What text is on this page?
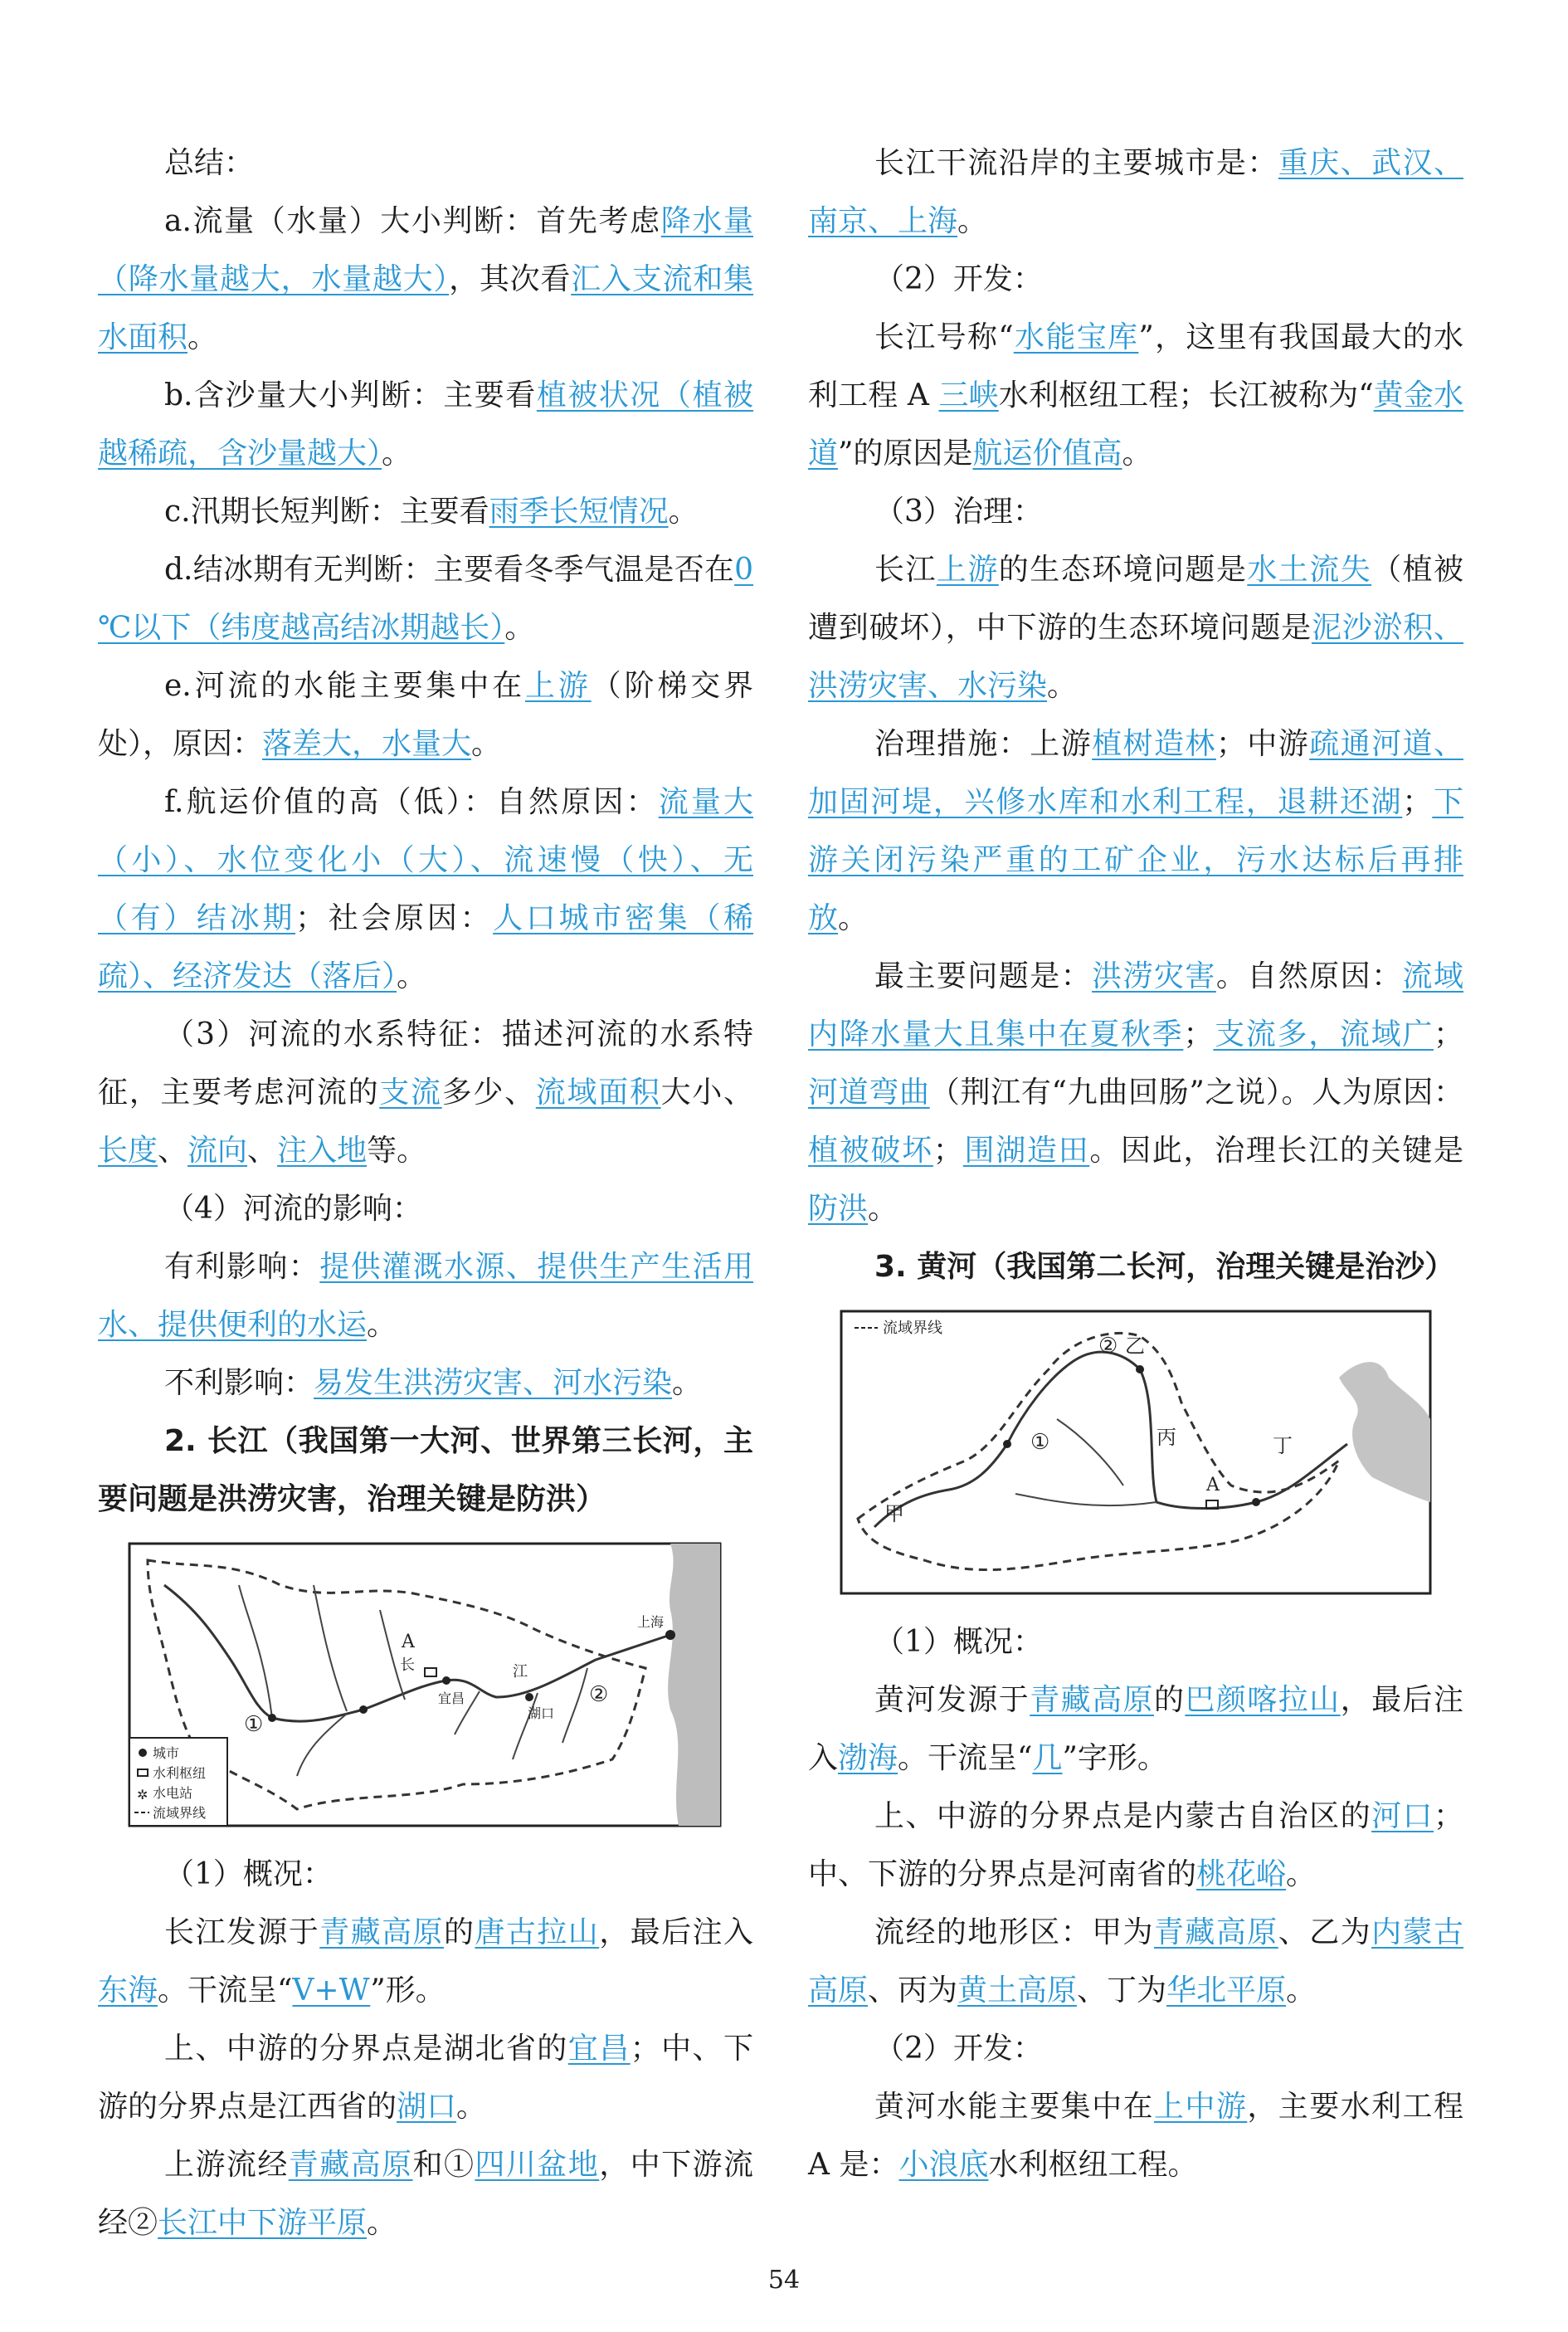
总结：

a.流量（水量）大小判断：首先考虑降水量（降水量越大，水量越大），其次看汇入支流和集水面积。

b.含沙量大小判断：主要看植被状况（植被越稀疏，含沙量越大）。

c.汛期长短判断：主要看雨季长短情况。

d.结冰期有无判断：主要看冬季气温是否在0 ℃以下（纬度越高结冰期越长）。

e.河流的水能主要集中在上游（阶梯交界处），原因：落差大，水量大。

f.航运价值的高（低）：自然原因：流量大（小）、水位变化小（大）、流速慢（快）、无（有）结冰期；社会原因：人口城市密集（稀疏）、经济发达（落后）。

（3）河流的水系特征：描述河流的水系特征，主要考虑河流的支流多少、流域面积大小、长度、流向、注入地等。

（4）河流的影响：

有利影响：提供灌溉水源、提供生产生活用水、提供便利的水运。

不利影响：易发生洪涝灾害、河水污染。

2. 长江（我国第一大河、世界第三长河，主要问题是洪涝灾害，治理关键是防洪）

A
长	江
宜昌
湖口
上海
①
②
城市
水利枢纽
✲ 水电站
流域界线

（1）概况：

长江发源于青藏高原的唐古拉山，最后注入东海。干流呈“V+W”形。

上、中游的分界点是湖北省的宜昌；中、下游的分界点是江西省的湖口。

上游流经青藏高原和①四川盆地，中下游流经②长江中下游平原。

长江干流沿岸的主要城市是：重庆、武汉、南京、上海。

（2）开发：

长江号称“水能宝库”，这里有我国最大的水利工程 A 三峡水利枢纽工程；长江被称为“黄金水道”的原因是航运价值高。

（3）治理：

长江上游的生态环境问题是水土流失（植被遭到破坏），中下游的生态环境问题是泥沙淤积、洪涝灾害、水污染。

治理措施：上游植树造林；中游疏通河道、加固河堤，兴修水库和水利工程，退耕还湖；下游关闭污染严重的工矿企业，污水达标后再排放。

最主要问题是：洪涝灾害。自然原因：流域内降水量大且集中在夏秋季；支流多，流域广；河道弯曲（荆江有“九曲回肠”之说）。人为原因：植被破坏；围湖造田。因此，治理长江的关键是防洪。

3. 黄河（我国第二长河，治理关键是治沙）

流域界线
A
甲
乙
丙	丁
①
②

（1）概况：

黄河发源于青藏高原的巴颜喀拉山，最后注入渤海。干流呈“几”字形。

上、中游的分界点是内蒙古自治区的河口；中、下游的分界点是河南省的桃花峪。

流经的地形区：甲为青藏高原、乙为内蒙古高原、丙为黄土高原、丁为华北平原。

（2）开发：

黄河水能主要集中在上中游，主要水利工程 A 是：小浪底水利枢纽工程。

54
